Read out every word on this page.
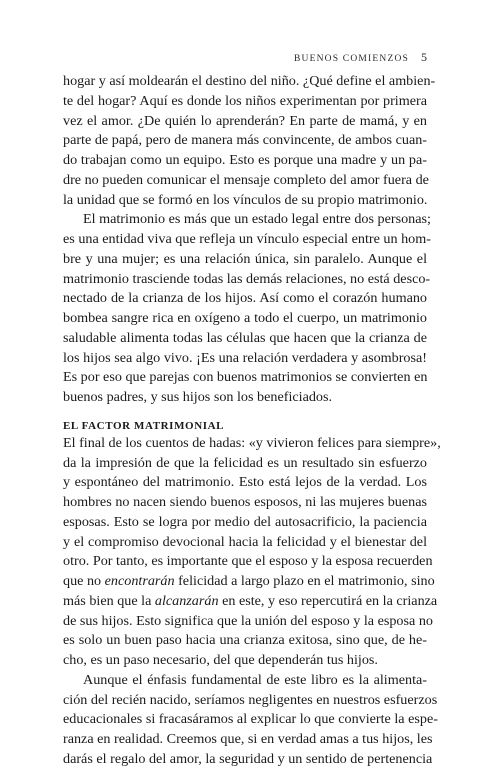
BUENOS COMIENZOS 5
hogar y así moldearán el destino del niño. ¿Qué define el ambien-
te del hogar? Aquí es donde los niños experimentan por primera
vez el amor. ¿De quién lo aprenderán? En parte de mamá, y en
parte de papá, pero de manera más convincente, de ambos cuan-
do trabajan como un equipo. Esto es porque una madre y un pa-
dre no pueden comunicar el mensaje completo del amor fuera de
la unidad que se formó en los vínculos de su propio matrimonio.
El matrimonio es más que un estado legal entre dos personas;
es una entidad viva que refleja un vínculo especial entre un hom-
bre y una mujer; es una relación única, sin paralelo. Aunque el
matrimonio trasciende todas las demás relaciones, no está desco-
nectado de la crianza de los hijos. Así como el corazón humano
bombea sangre rica en oxígeno a todo el cuerpo, un matrimonio
saludable alimenta todas las células que hacen que la crianza de
los hijos sea algo vivo. ¡Es una relación verdadera y asombrosa!
Es por eso que parejas con buenos matrimonios se convierten en
buenos padres, y sus hijos son los beneficiados.
EL FACTOR MATRIMONIAL
El final de los cuentos de hadas: «y vivieron felices para siempre»,
da la impresión de que la felicidad es un resultado sin esfuerzo
y espontáneo del matrimonio. Esto está lejos de la verdad. Los
hombres no nacen siendo buenos esposos, ni las mujeres buenas
esposas. Esto se logra por medio del autosacrificio, la paciencia
y el compromiso devocional hacia la felicidad y el bienestar del
otro. Por tanto, es importante que el esposo y la esposa recuerden
que no encontrarán felicidad a largo plazo en el matrimonio, sino
más bien que la alcanzarán en este, y eso repercutirá en la crianza
de sus hijos. Esto significa que la unión del esposo y la esposa no
es solo un buen paso hacia una crianza exitosa, sino que, de he-
cho, es un paso necesario, del que dependerán tus hijos.
Aunque el énfasis fundamental de este libro es la alimenta-
ción del recién nacido, seríamos negligentes en nuestros esfuerzos
educacionales si fracasáramos al explicar lo que convierte la espe-
ranza en realidad. Creemos que, si en verdad amas a tus hijos, les
darás el regalo del amor, la seguridad y un sentido de pertenencia
